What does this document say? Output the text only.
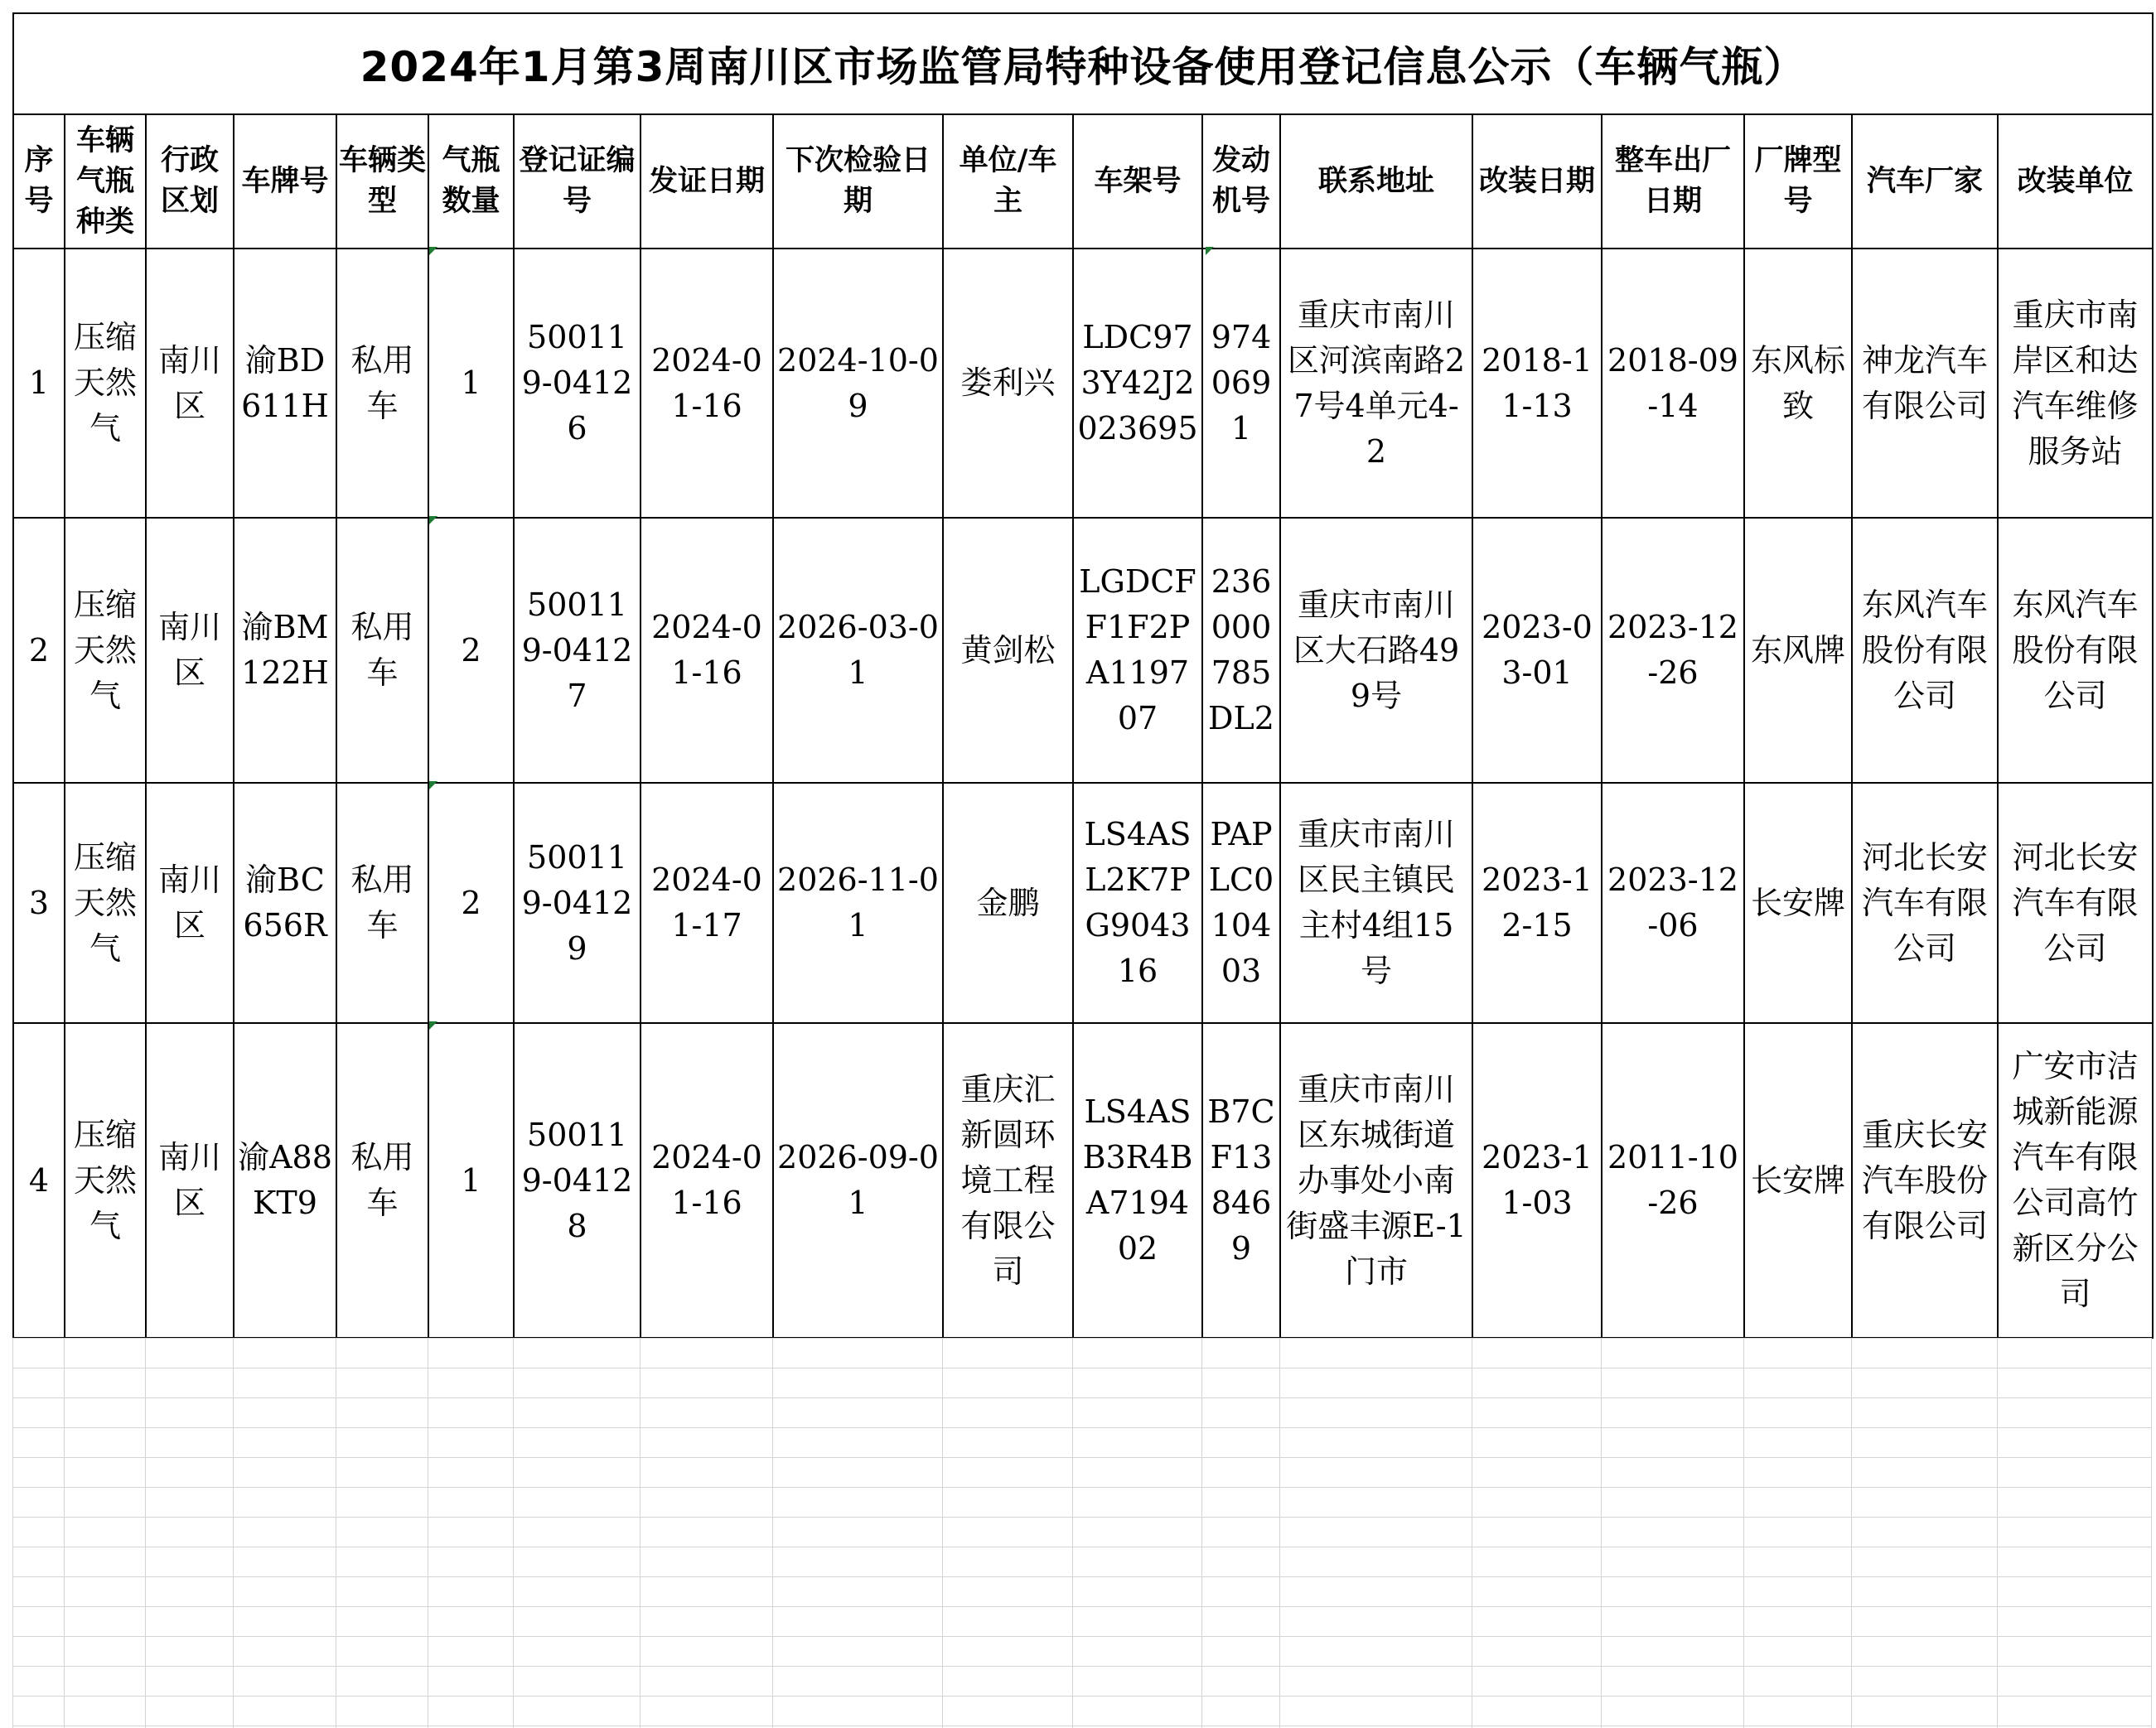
2024年1月第3周南川区市场监管局特种设备使用登记信息公示（车辆气瓶）																	
序号	车辆气瓶种类	行政区划	车牌号	车辆类型	气瓶数量	登记证编号	发证日期	下次检验日期	单位/车主	车架号	发动机号	联系地址	改装日期	整车出厂日期	厂牌型号	汽车厂家	改装单位
1	压缩天然气	南川区	渝BD611H	私用车	1	500119-04126	2024-01-16	2024-10-09	娄利兴	LDC973Y42J2023695	9740691	重庆市南川区河滨南路27号4单元4-2	2018-11-13	2018-09-14	东风标致	神龙汽车有限公司	重庆市南岸区和达汽车维修服务站
2	压缩天然气	南川区	渝BM122H	私用车	2	500119-04127	2024-01-16	2026-03-01	黄剑松	LGDCFF1F2PA119707	236000785DL2	重庆市南川区大石路499号	2023-03-01	2023-12-26	东风牌	东风汽车股份有限公司	东风汽车股份有限公司
3	压缩天然气	南川区	渝BC656R	私用车	2	500119-04129	2024-01-17	2026-11-01	金鹏	LS4ASL2K7PG904316	PAPLC010403	重庆市南川区民主镇民主村4组15号	2023-12-15	2023-12-06	长安牌	河北长安汽车有限公司	河北长安汽车有限公司
4	压缩天然气	南川区	渝A88KT9	私用车	1	500119-04128	2024-01-16	2026-09-01	重庆汇新圆环境工程有限公司	LS4ASB3R4BA719402	B7CF138469	重庆市南川区东城街道办事处小南街盛丰源E-1门市	2023-11-03	2011-10-26	长安牌	重庆长安汽车股份有限公司	广安市洁城新能源汽车有限公司高竹新区分公司
